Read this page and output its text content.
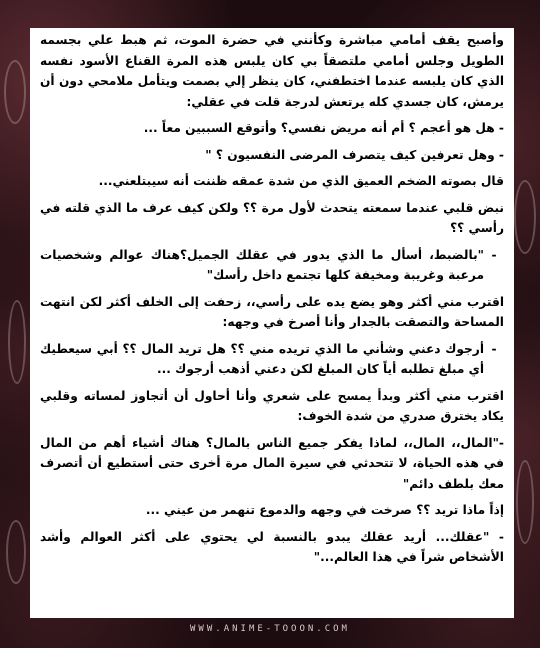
وأصبح يقف أمامي مباشرة وكأنني في حضرة الموت، ثم هبط علي بجسمه الطويل وجلس أمامي ملتصقاً بي كان يلبس هذه المرة القناع الأسود نفسه الذي كان يلبسه عندما اختطفني، كان ينظر إلي بصمت ويتأمل ملامحي دون أن يرمش، كان جسدي كله يرتعش لدرجة قلت في عقلي:

- هل هو أعجم ؟ أم أنه مريض نفسي؟ وأتوقع السببين معاً ...

- وهل تعرفين كيف يتصرف المرضى النفسيون ؟ "

قال بصوته الضخم العميق الذي من شدة عمقه ظننت أنه سيبتلعني...

نبض قلبي عندما سمعته يتحدث لأول مرة ؟؟ ولكن كيف عرف ما الذي قلته في رأسي ؟؟

-
"بالضبط، أسأل ما الذي يدور في عقلك الجميل؟هناك عوالم وشخصيات مرعبة وغريبة ومخيفة كلها تجتمع داخل رأسك"

اقترب مني أكثر وهو يضع يده على رأسي،، زحفت إلى الخلف أكثر لكن انتهت المساحة والتصقت بالجدار وأنا أصرخ في وجهه:

-
أرجوك دعني وشأني ما الذي تريده مني ؟؟ هل تريد المال ؟؟ أبي سيعطيك أي مبلغ تطلبه أياً كان المبلغ لكن دعني أذهب أرجوك ...

اقترب مني أكثر وبدأ يمسح على شعري وأنا أحاول أن أتجاوز لمساته وقلبي يكاد يخترق صدري من شدة الخوف:

-"المال،، المال،، لماذا يفكر جميع الناس بالمال؟ هناك أشياء أهم من المال في هذه الحياة، لا تتحدثي في سيرة المال مرة أخرى حتى أستطيع أن أتصرف معك بلطف دائم"

إذاً ماذا تريد ؟؟ صرخت في وجهه والدموع تنهمر من عيني ...

- "عقلك... أريد عقلك يبدو بالنسبة لي يحتوي على أكثر العوالم وأشد الأشخاص شراً في هذا العالم..."

WWW.ANIME-TOOON.COM
